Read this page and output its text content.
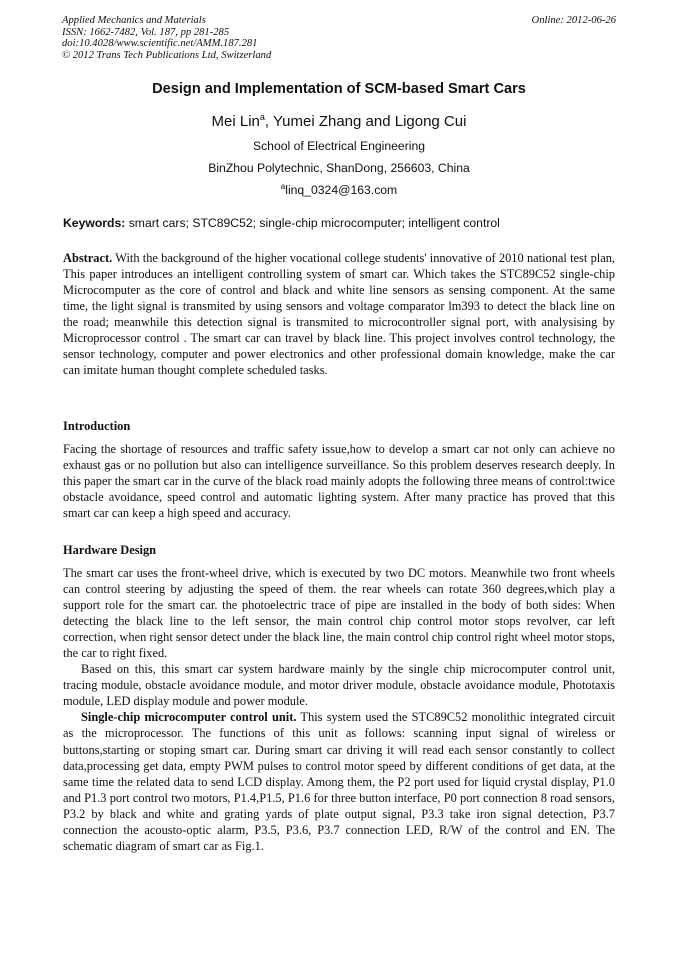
Applied Mechanics and Materials
ISSN: 1662-7482, Vol. 187, pp 281-285
doi:10.4028/www.scientific.net/AMM.187.281
© 2012 Trans Tech Publications Ltd, Switzerland
Online: 2012-06-26
Design and Implementation of SCM-based Smart Cars
Mei Lin$^a$, Yumei Zhang and Ligong Cui
School of Electrical Engineering
BinZhou Polytechnic, ShanDong, 256603, China
$^a$linq_0324@163.com
Keywords: smart cars; STC89C52; single-chip microcomputer; intelligent control

Abstract. With the background of the higher vocational college students' innovative of 2010 national test plan, This paper introduces an intelligent controlling system of smart car. Which takes the STC89C52 single-chip Microcomputer as the core of control and black and white line sensors as sensing component. At the same time, the light signal is transmited by using sensors and voltage comparator lm393 to detect the black line on the road; meanwhile this detection signal is transmited to microcontroller signal port, with analysising by Microprocessor control . The smart car can travel by black line. This project involves control technology, the sensor technology, computer and power electronics and other professional domain knowledge, make the car can imitate human thought complete scheduled tasks.

Introduction

Facing the shortage of resources and traffic safety issue,how to develop a smart car not only can achieve no exhaust gas or no pollution but also can intelligence surveillance. So this problem deserves research deeply. In this paper the smart car in the curve of the black road mainly adopts the following three means of control:twice obstacle avoidance, speed control and automatic lighting system. After many practice has proved that this smart car can keep a high speed and accuracy.

Hardware Design

The smart car uses the front-wheel drive, which is executed by two DC motors. Meanwhile two front wheels can control steering by adjusting the speed of them. the rear wheels can rotate 360 degrees,which play a support role for the smart car. the photoelectric trace of pipe are installed in the body of both sides: When detecting the black line to the left sensor, the main control chip control motor stops revolver, car left correction, when right sensor detect under the black line, the main control chip control right wheel motor stops, the car to right fixed.

Based on this, this smart car system hardware mainly by the single chip microcomputer control unit, tracing module, obstacle avoidance module, and motor driver module, obstacle avoidance module, Phototaxis module, LED display module and power module.

Single-chip microcomputer control unit. This system used the STC89C52 monolithic integrated circuit as the microprocessor. The functions of this unit as follows: scanning input signal of wireless or buttons,starting or stoping smart car. During smart car driving it will read each sensor constantly to collect data,processing get data, empty PWM pulses to control motor speed by different conditions of get data, at the same time the related data to send LCD display. Among them, the P2 port used for liquid crystal display, P1.0 and P1.3 port control two motors, P1.4,P1.5, P1.6 for three button interface, P0 port connection 8 road sensors, P3.2 by black and white and grating yards of plate output signal, P3.3 take iron signal detection, P3.7 connection the acousto-optic alarm, P3.5, P3.6, P3.7 connection LED, R/W of the control and EN. The schematic diagram of smart car as Fig.1.
